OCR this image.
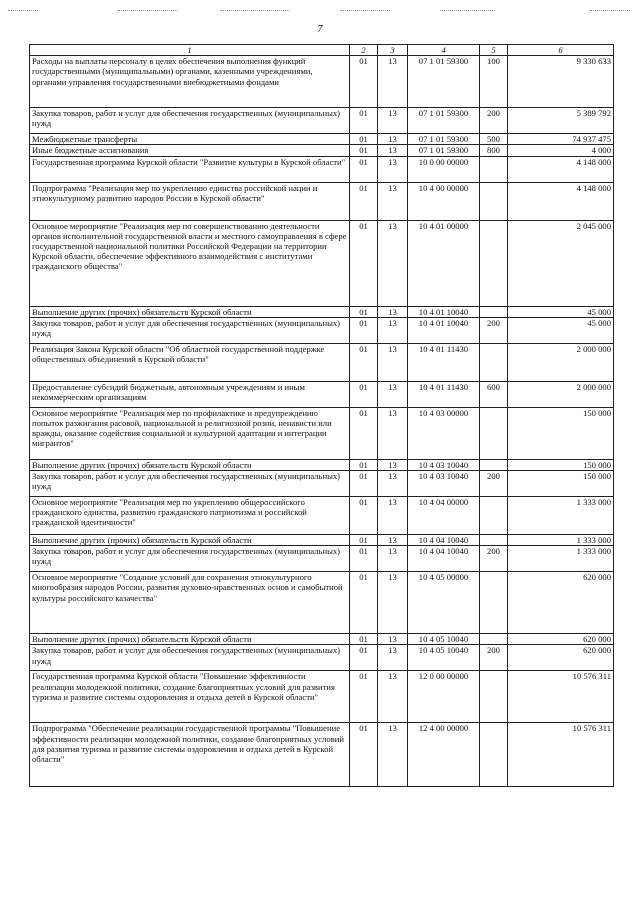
7
1	2	3	4	5	6
Расходы на выплаты персоналу в целях обеспечения выполнения функций государственными (муниципальными) органами, казенными учреждениями, органами управления государственными внебюджетными фондами	01	13	07 1 01 59300	100	9 330 633
Закупка товаров, работ и услуг для обеспечения государственных (муниципальных) нужд	01	13	07 1 01 59300	200	5 389 792
Межбюджетные трансферты	01	13	07 1 01 59300	500	74 937 475
Иные бюджетные ассигнования	01	13	07 1 01 59300	800	4 000
Государственная программа Курской области "Развитие культуры в Курской области"	01	13	10 0 00 00000		4 148 000
Подпрограмма "Реализация мер по укреплению единства российской нации и этнокультурному развитию народов России в Курской области"	01	13	10 4 00 00000		4 148 000
Основное мероприятие "Реализация мер по совершенствованию деятельности органов исполнительной государственной власти и местного самоуправления в сфере государственной национальной политики Российской Федерации на территории Курской области, обеспечение эффективного взаимодействия с институтами гражданского общества"	01	13	10 4 01 00000		2 045 000
Выполнение других (прочих) обязательств Курской области	01	13	10 4 01 10040		45 000
Закупка товаров, работ и услуг для обеспечения государственных (муниципальных) нужд	01	13	10 4 01 10040	200	45 000
Реализация Закона Курской области "Об областной государственной поддержке общественных объединений в Курской области"	01	13	10 4 01 11430		2 000 000
Предоставление субсидий бюджетным, автономным учреждениям и иным некоммерческим организациям	01	13	10 4 01 11430	600	2 000 000
Основное мероприятие "Реализация мер по профилактике и предупреждению попыток разжигания расовой, национальной и религиозной розни, ненависти или вражды, оказание содействия социальной и культурной адаптации и интеграции мигрантов"	01	13	10 4 03 00000		150 000
Выполнение других (прочих) обязательств Курской области	01	13	10 4 03 10040		150 000
Закупка товаров, работ и услуг для обеспечения государственных (муниципальных) нужд	01	13	10 4 03 10040	200	150 000
Основное мероприятие "Реализация мер по укреплению общероссийского гражданского единства, развитию гражданского патриотизма и российской гражданской идентичности"	01	13	10 4 04 00000		1 333 000
Выполнение других (прочих) обязательств Курской области	01	13	10 4 04 10040		1 333 000
Закупка товаров, работ и услуг для обеспечения государственных (муниципальных) нужд	01	13	10 4 04 10040	200	1 333 000
Основное мероприятие "Создание условий для сохранения этнокультурного многообразия народов России, развития духовно-нравственных основ и самобытной культуры российского казачества"	01	13	10 4 05 00000		620 000
Выполнение других (прочих) обязательств Курской области	01	13	10 4 05 10040		620 000
Закупка товаров, работ и услуг для обеспечения государственных (муниципальных) нужд	01	13	10 4 05 10040	200	620 000
Государственная программа Курской области "Повышение эффективности реализации молодежной политики, создание благоприятных условий для развития туризма и развитие системы оздоровления и отдыха детей в Курской области"	01	13	12 0 00 00000		10 576 311
Подпрограмма "Обеспечение реализации государственной программы "Повышение эффективности реализации молодежной политики, создание благоприятных условий для развития туризма и развитие системы оздоровления и отдыха детей в Курской области"	01	13	12 4 00 00000		10 576 311
